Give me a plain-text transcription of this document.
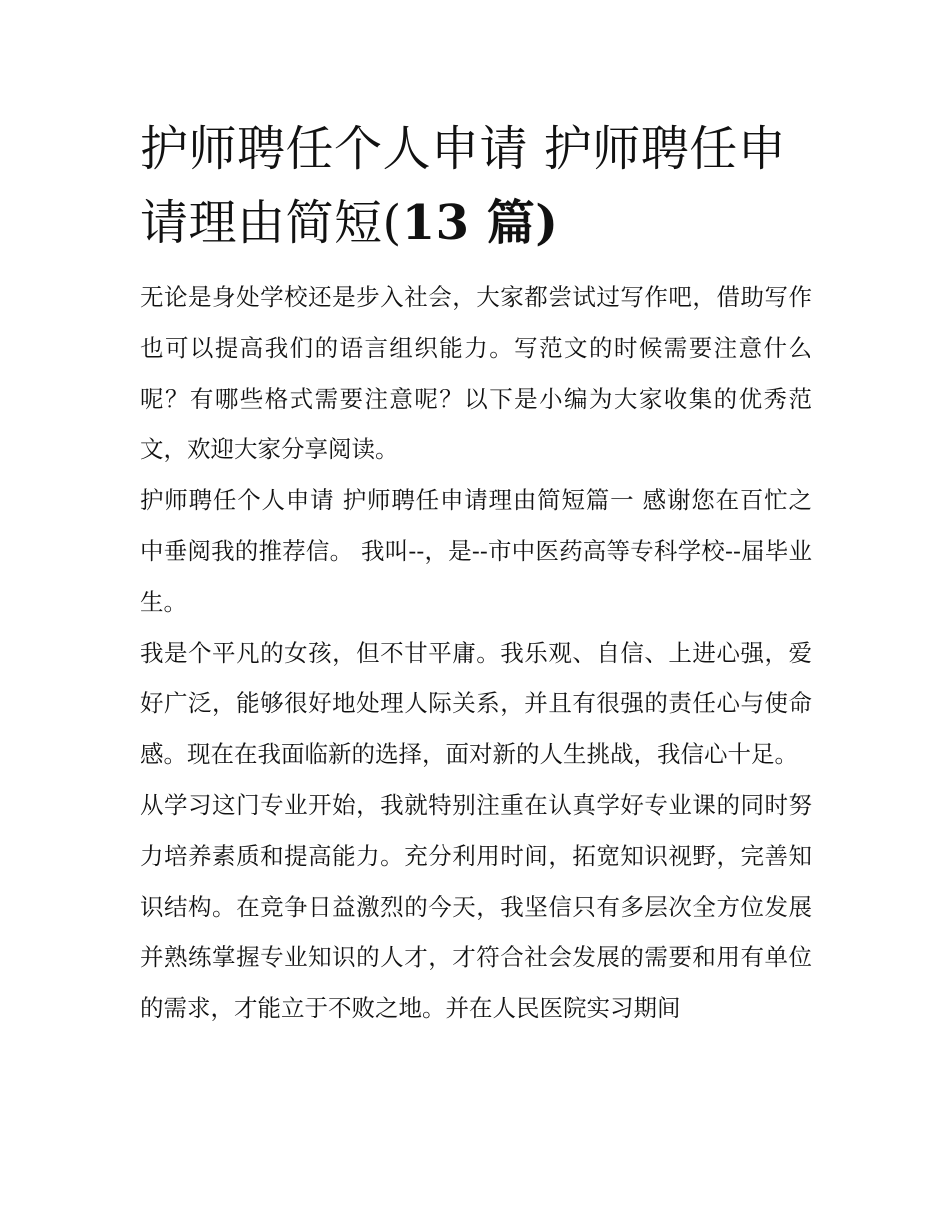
护师聘任个人申请 护师聘任申请理由简短(13 篇)

无论是身处学校还是步入社会，大家都尝试过写作吧，借助写作也可以提高我们的语言组织能力。写范文的时候需要注意什么呢？有哪些格式需要注意呢？以下是小编为大家收集的优秀范文，欢迎大家分享阅读。

护师聘任个人申请 护师聘任申请理由简短篇一 感谢您在百忙之中垂阅我的推荐信。 我叫--，是--市中医药高等专科学校--届毕业生。

我是个平凡的女孩，但不甘平庸。我乐观、自信、上进心强，爱好广泛，能够很好地处理人际关系，并且有很强的责任心与使命感。现在在我面临新的选择，面对新的人生挑战，我信心十足。

从学习这门专业开始，我就特别注重在认真学好专业课的同时努力培养素质和提高能力。充分利用时间，拓宽知识视野，完善知识结构。在竞争日益激烈的今天，我坚信只有多层次全方位发展并熟练掌握专业知识的人才，才符合社会发展的需要和用有单位的需求，才能立于不败之地。并在人民医院实习期间
